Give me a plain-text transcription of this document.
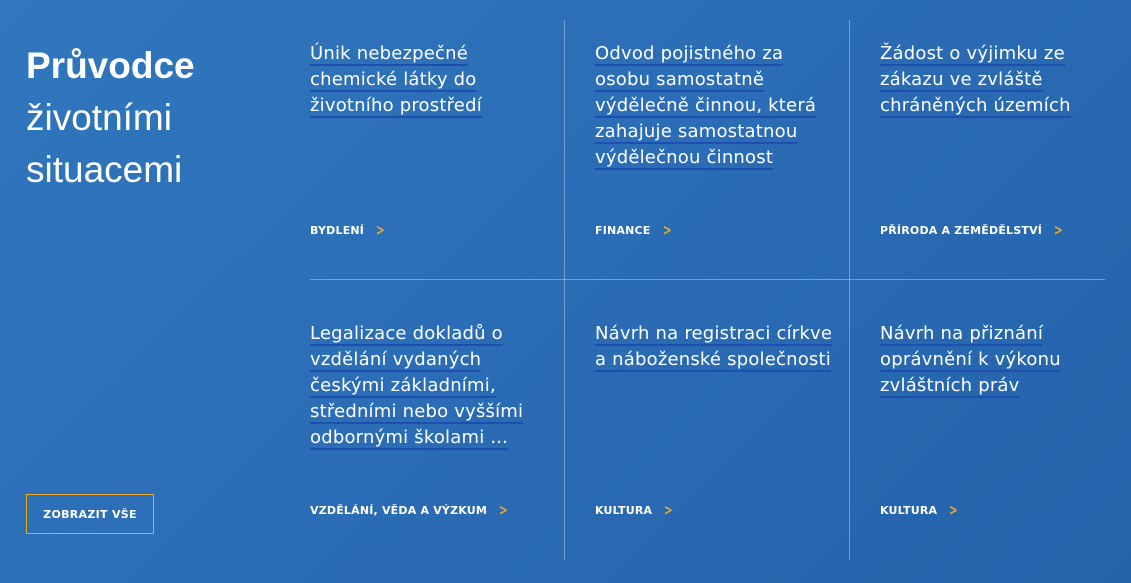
Průvodce
životními
situacemi
ZOBRAZIT VŠE
Únik nebezpečné chemické látky do životního prostředí
BYDLENÍ >
Odvod pojistného za osobu samostatně výdělečně činnou, která zahajuje samostatnou výdělečnou činnost
FINANCE >
Žádost o výjimku ze zákazu ve zvláště chráněných územích
PŘÍRODA A ZEMĚDĚLSTVÍ >
Legalizace dokladů o vzdělání vydaných českými základními, středními nebo vyššími odbornými školami ...
VZDĚLÁNÍ, VĚDA A VÝZKUM >
Návrh na registraci církve a náboženské společnosti
KULTURA >
Návrh na přiznání oprávnění k výkonu zvláštních práv
KULTURA >
